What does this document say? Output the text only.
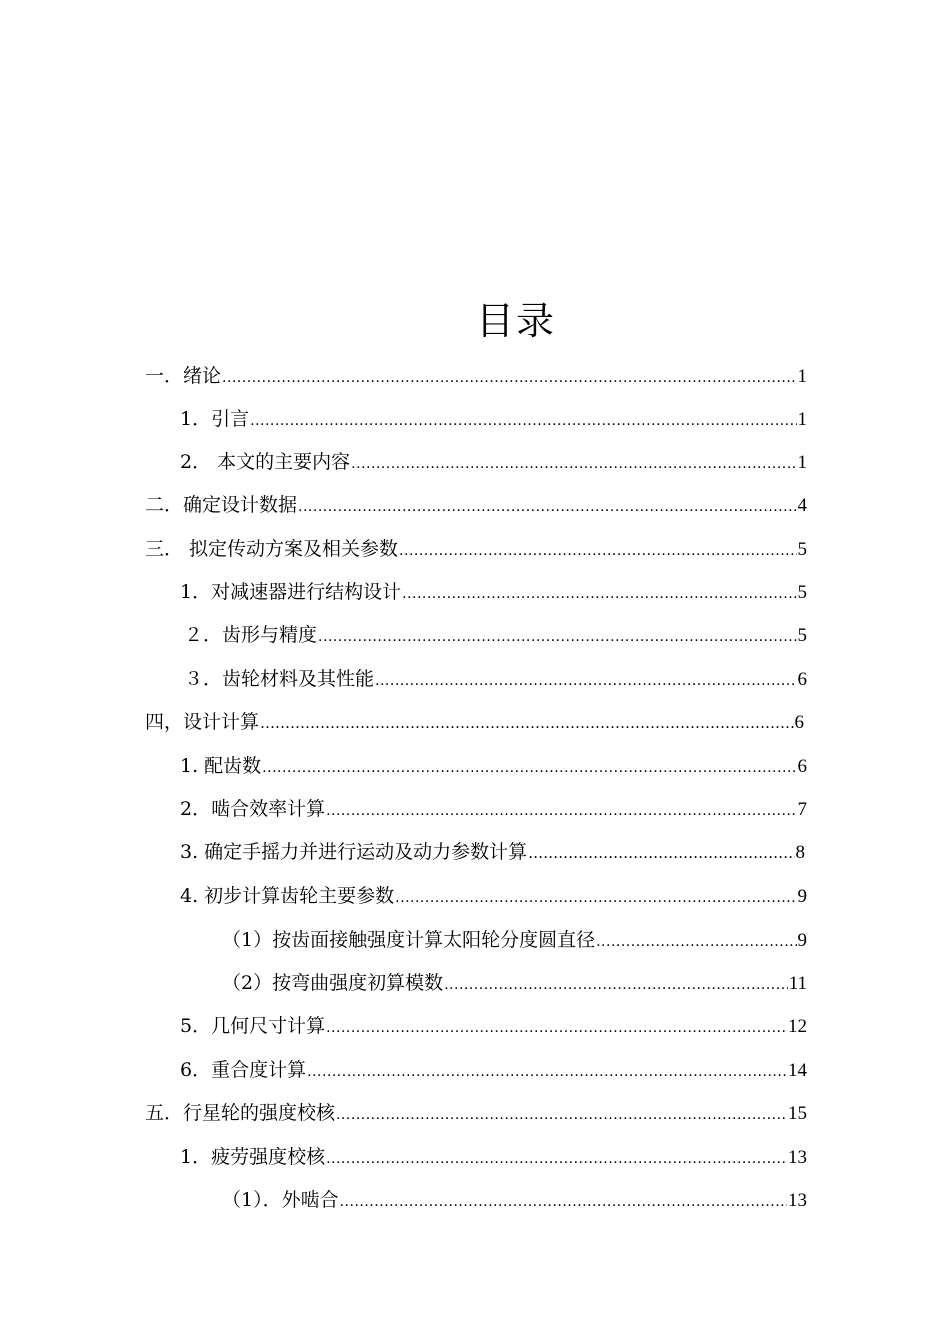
目录
一．绪论 .....	1
1．引言 .....	1
2． 本文的主要内容 .....	1
二．确定设计数据 .....	4
三． 拟定传动方案及相关参数 .....	5
1．对减速器进行结构设计 .....	5
２．齿形与精度 .....	5
３．齿轮材料及其性能 .....	6
四，设计计算 …………………………………………………………………………………………………………………………………………………………………………………	6
1. 配齿数 .....	6
2．啮合效率计算 .....	7
3. 确定手摇力并进行运动及动力参数计算 …………………………………………………………………………………………………………………………………………………………………………………	8
4. 初步计算齿轮主要参数 .....	9
（1）按齿面接触强度计算太阳轮分度圆直径 .....	9
（2）按弯曲强度初算模数 .....	11
5．几何尺寸计算 .....	12
6．重合度计算 .....	14
五．行星轮的强度校核 .....	15
1．疲劳强度校核 .....	13
（1）．外啮合 .....	13
